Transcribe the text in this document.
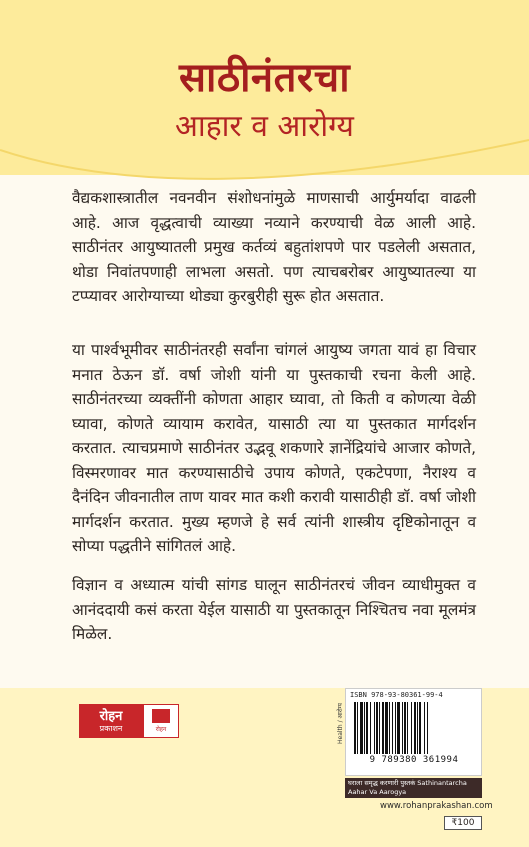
साठीनंतरचा
आहार व आरोग्य
वैद्यकशास्त्रातील नवनवीन संशोधनांमुळे माणसाची आर्युमर्यादा वाढली आहे. आज वृद्धत्वाची व्याख्या नव्याने करण्याची वेळ आली आहे. साठीनंतर आयुष्यातली प्रमुख कर्तव्यं बहुतांशपणे पार पडलेली असतात, थोडा निवांतपणाही लाभला असतो. पण त्याचबरोबर आयुष्यातल्या या टप्प्यावर आरोग्याच्या थोड्या कुरबुरीही सुरू होत असतात.
या पार्श्वभूमीवर साठीनंतरही सर्वांना चांगलं आयुष्य जगता यावं हा विचार मनात ठेऊन डॉ. वर्षा जोशी यांनी या पुस्तकाची रचना केली आहे. साठीनंतरच्या व्यक्तींनी कोणता आहार घ्यावा, तो किती व कोणत्या वेळी घ्यावा, कोणते व्यायाम करावेत, यासाठी त्या या पुस्तकात मार्गदर्शन करतात. त्याचप्रमाणे साठीनंतर उद्भवू शकणारे ज्ञानेंद्रियांचे आजार कोणते, विस्मरणावर मात करण्यासाठीचे उपाय कोणते, एकटेपणा, नैराश्य व दैनंदिन जीवनातील ताण यावर मात कशी करावी यासाठीही डॉ. वर्षा जोशी मार्गदर्शन करतात. मुख्य म्हणजे हे सर्व त्यांनी शास्त्रीय दृष्टिकोनातून व सोप्या पद्धतीने सांगितलं आहे.
विज्ञान व अध्यात्म यांची सांगड घालून साठीनंतरचं जीवन व्याधीमुक्त व आनंददायी कसं करता येईल यासाठी या पुस्तकातून निश्चितच नवा मूलमंत्र मिळेल.
रोहन
प्रकाशन	रोहन	Health / आरोग्य
ISBN 978-93-80361-99-4
9 789380 361994
घराला समृद्ध करणारी पुस्तकं Sathinantarcha Aahar Va Aarogya
www.rohanprakashan.com
₹100
